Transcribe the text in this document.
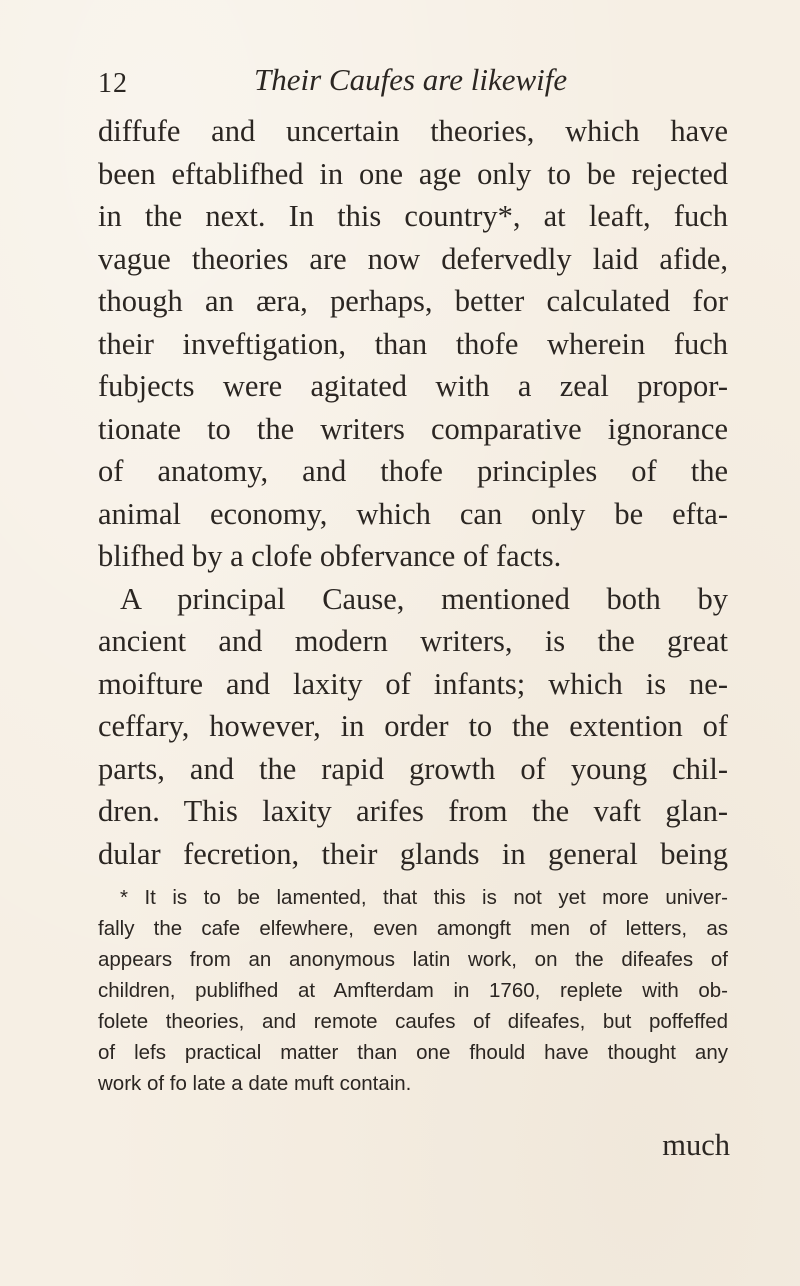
12	Their Caufes are likewife
diffufe and uncertain theories, which have
been eftablifhed in one age only to be rejected
in the next. In this country*, at leaft, fuch
vague theories are now defervedly laid afide,
though an æra, perhaps, better calculated for
their inveftigation, than thofe wherein fuch
fubjects were agitated with a zeal propor-
tionate to the writers comparative ignorance
of anatomy, and thofe principles of the
animal economy, which can only be efta-
blifhed by a clofe obfervance of facts.
A principal Cause, mentioned both by
ancient and modern writers, is the great
moifture and laxity of infants; which is ne-
ceffary, however, in order to the extention of
parts, and the rapid growth of young chil-
dren. This laxity arifes from the vaft glan-
dular fecretion, their glands in general being
* It is to be lamented, that this is not yet more univer-
fally the cafe elfewhere, even amongft men of letters, as
appears from an anonymous latin work, on the difeafes of
children, publifhed at Amfterdam in 1760, replete with ob-
folete theories, and remote caufes of difeafes, but poffeffed
of lefs practical matter than one fhould have thought any
work of fo late a date muft contain.
much
